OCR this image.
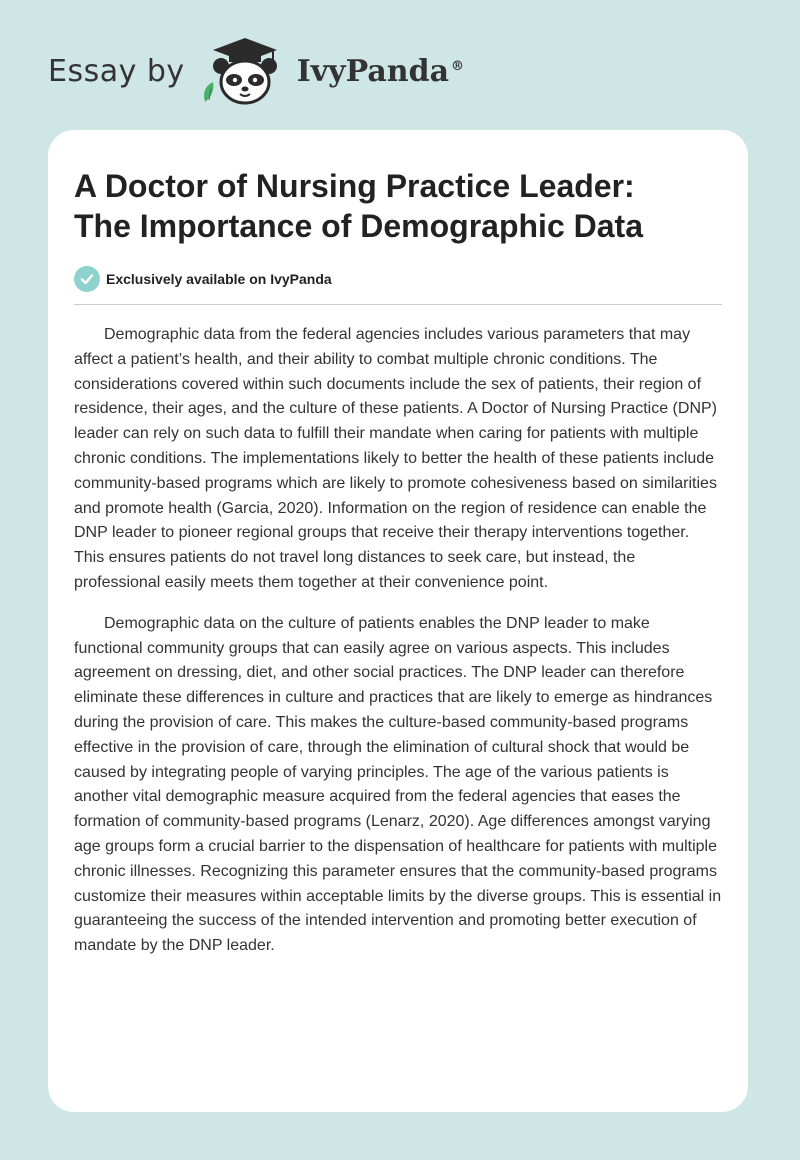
Essay by	IvyPanda ®
A Doctor of Nursing Practice Leader:
The Importance of Demographic Data
Exclusively available on IvyPanda

Demographic data from the federal agencies includes various parameters that may affect a patient’s health, and their ability to combat multiple chronic conditions. The considerations covered within such documents include the sex of patients, their region of residence, their ages, and the culture of these patients. A Doctor of Nursing Practice (DNP) leader can rely on such data to fulfill their mandate when caring for patients with multiple chronic conditions. The implementations likely to better the health of these patients include community-based programs which are likely to promote cohesiveness based on similarities and promote health (Garcia, 2020). Information on the region of residence can enable the DNP leader to pioneer regional groups that receive their therapy interventions together. This ensures patients do not travel long distances to seek care, but instead, the professional easily meets them together at their convenience point.

Demographic data on the culture of patients enables the DNP leader to make functional community groups that can easily agree on various aspects. This includes agreement on dressing, diet, and other social practices. The DNP leader can therefore eliminate these differences in culture and practices that are likely to emerge as hindrances during the provision of care. This makes the culture-based community-based programs effective in the provision of care, through the elimination of cultural shock that would be caused by integrating people of varying principles. The age of the various patients is another vital demographic measure acquired from the federal agencies that eases the formation of community-based programs (Lenarz, 2020). Age differences amongst varying age groups form a crucial barrier to the dispensation of healthcare for patients with multiple chronic illnesses. Recognizing this parameter ensures that the community-based programs customize their measures within acceptable limits by the diverse groups. This is essential in guaranteeing the success of the intended intervention and promoting better execution of mandate by the DNP leader.
